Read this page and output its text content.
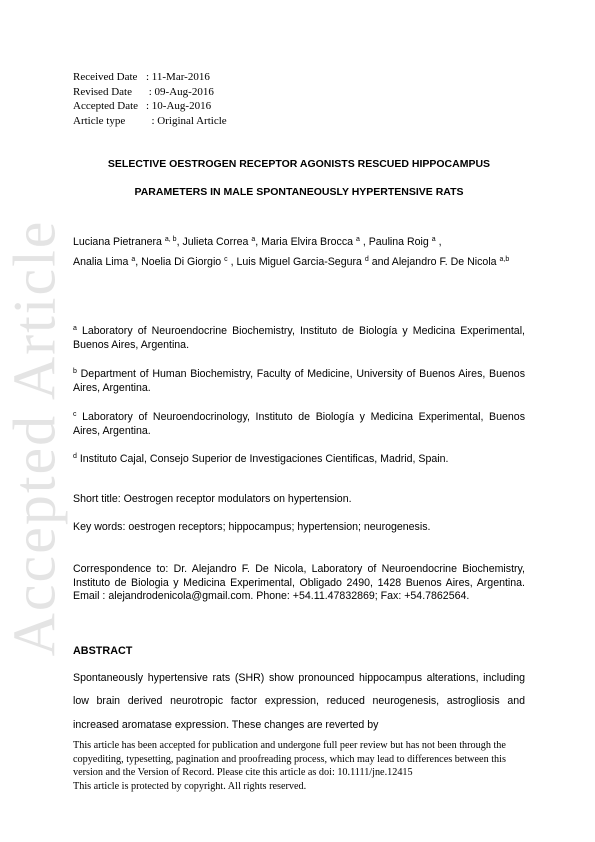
Accepted Article
Received Date : 11-Mar-2016
Revised Date : 09-Aug-2016
Accepted Date : 10-Aug-2016
Article type  : Original Article
SELECTIVE OESTROGEN RECEPTOR AGONISTS RESCUED HIPPOCAMPUS
PARAMETERS IN MALE SPONTANEOUSLY HYPERTENSIVE RATS
Luciana Pietranera $^{a, b}$, Julieta Correa $^a$, Maria Elvira Brocca $^a$ , Paulina Roig $^a$ ,
Analia Lima $^a$, Noelia Di Giorgio $^c$ , Luis Miguel Garcia-Segura $^d$ and Alejandro F. De Nicola $^{a,b}$
$^a$ Laboratory of Neuroendocrine Biochemistry, Instituto de Biología y Medicina Experimental, Buenos Aires, Argentina.
$^b$ Department of Human Biochemistry, Faculty of Medicine, University of Buenos Aires, Buenos Aires, Argentina.
$^c$ Laboratory of Neuroendocrinology, Instituto de Biología y Medicina Experimental, Buenos Aires, Argentina.
$^d$ Instituto Cajal, Consejo Superior de Investigaciones Cientificas, Madrid, Spain.
Short title: Oestrogen receptor modulators on hypertension.
Key words: oestrogen receptors; hippocampus; hypertension; neurogenesis.
Correspondence to: Dr. Alejandro F. De Nicola, Laboratory of Neuroendocrine Biochemistry, Instituto de Biologia y Medicina Experimental, Obligado 2490, 1428 Buenos Aires, Argentina. Email : alejandrodenicola@gmail.com. Phone: +54.11.47832869; Fax: +54.7862564.
ABSTRACT
Spontaneously hypertensive rats (SHR) show pronounced hippocampus alterations, including low brain derived neurotropic factor expression, reduced neurogenesis, astrogliosis and increased aromatase expression. These changes are reverted by
This article has been accepted for publication and undergone full peer review but has not been through the copyediting, typesetting, pagination and proofreading process, which may lead to differences between this version and the Version of Record. Please cite this article as doi: 10.1111/jne.12415
This article is protected by copyright. All rights reserved.
